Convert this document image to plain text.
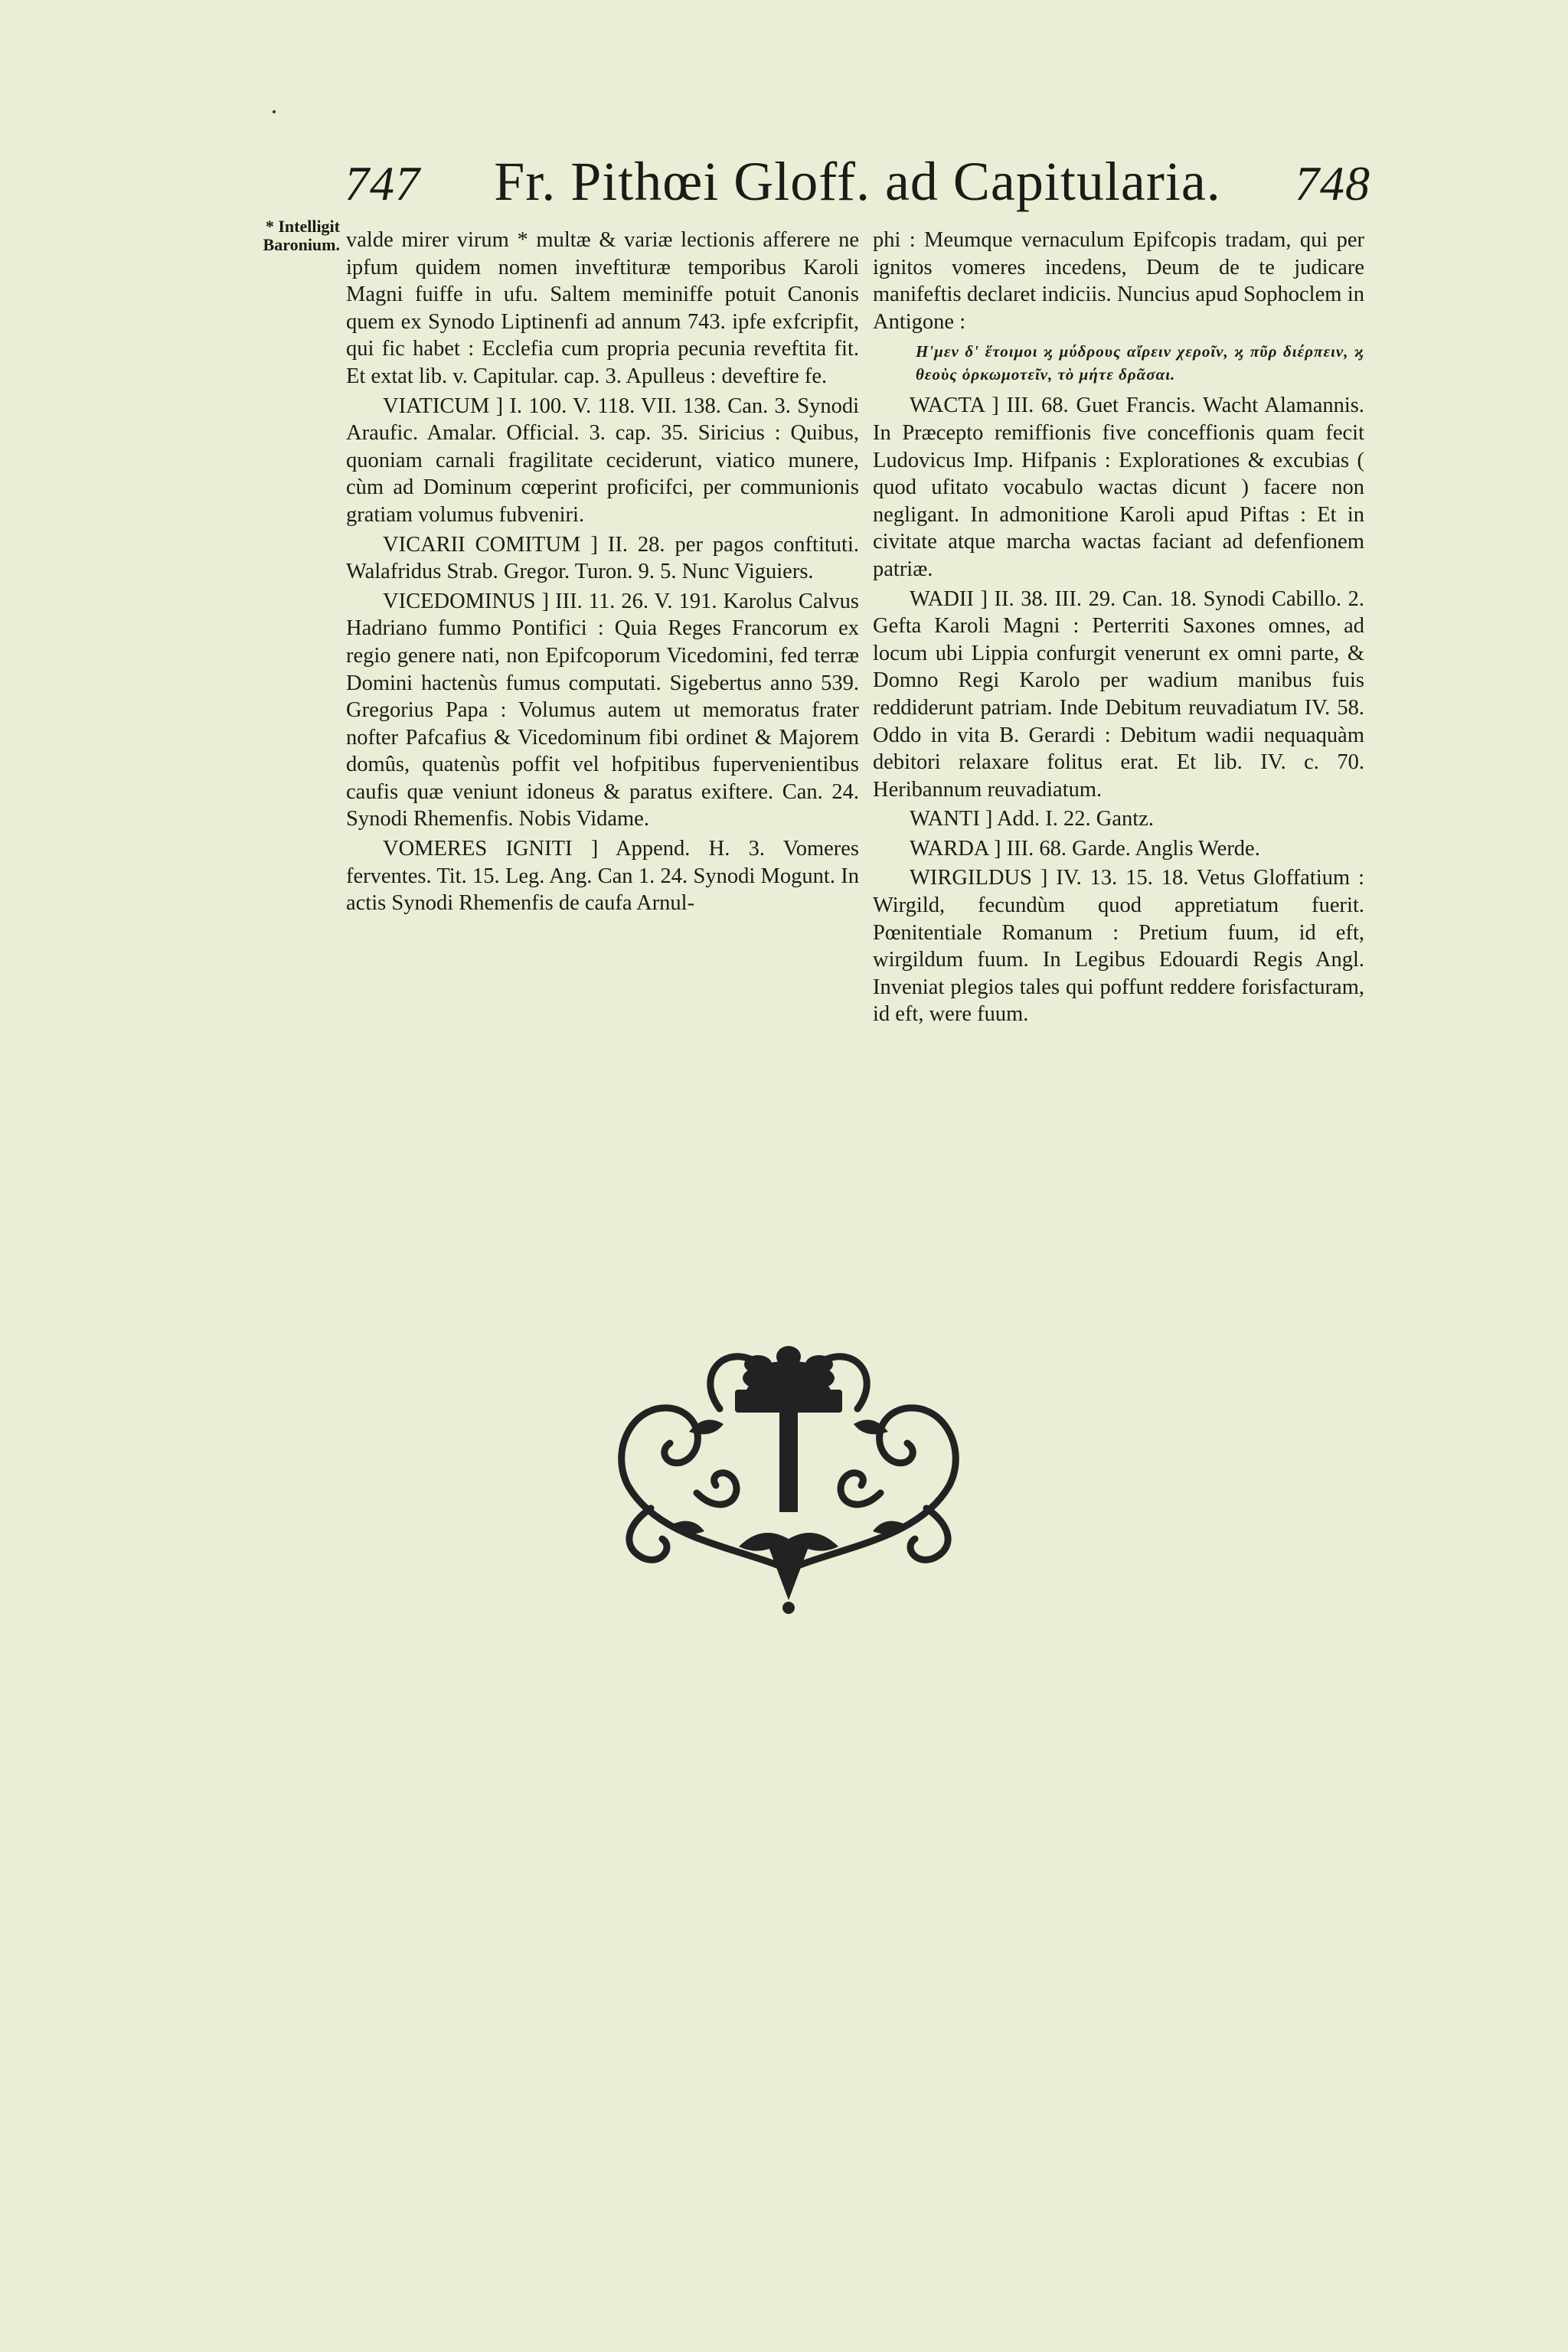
747 Fr. Pithœi Gloff. ad Capitularia. 748
* Intelligit Baronium. valde mirer virum * multæ & variæ lectionis afferere ne ipfum quidem nomen inveftituræ temporibus Karoli Magni fuiffe in ufu. Saltem meminiffe potuit Canonis quem ex Synodo Liptinenfi ad annum 743. ipfe exfcripfit, qui fic habet : Ecclefia cum propria pecunia reveftita fit. Et extat lib. v. Capitular. cap. 3. Apulleus : deveftire fe.

VIATICUM ] I. 100. V. 118. VII. 138. Can. 3. Synodi Araufic. Amalar. Official. 3. cap. 35. Siricius : Quibus, quoniam carnali fragilitate ceciderunt, viatico munere, cùm ad Dominum cœperint proficifci, per communionis gratiam volumus fubveniri.

VICARII COMITUM ] II. 28. per pagos conftituti. Walafridus Strab. Gregor. Turon. 9. 5. Nunc Viguiers.

VICEDOMINUS ] III. 11. 26. V. 191. Karolus Calvus Hadriano fummo Pontifici : Quia Reges Francorum ex regio genere nati, non Epifcoporum Vicedomini, fed terræ Domini hactenùs fumus computati. Sigebertus anno 539. Gregorius Papa : Volumus autem ut memoratus frater nofter Pafcafius & Vicedominum fibi ordinet & Majorem domûs, quatenùs poffit vel hofpitibus fupervenientibus caufis quæ veniunt idoneus & paratus exiftere. Can. 24. Synodi Rhemenfis. Nobis Vidame.

VOMERES IGNITI ] Append. H. 3. Vomeres ferventes. Tit. 15. Leg. Ang. Can 1. 24. Synodi Mogunt. In actis Synodi Rhemenfis de caufa Arnul-

phi : Meumque vernaculum Epifcopis tradam, qui per ignitos vomeres incedens, Deum de te judicare manifeftis declaret indiciis. Nuncius apud Sophoclem in Antigone :

H'μεν δ' ἕτοιμοι ϗ μύδρους αἴρειν χεροῖν, ϗ πῦρ διέρπειν, ϗ θεοὺς ὁρκωμοτεῖν, τὸ μήτε δρᾶσαι.

WACTA ] III. 68. Guet Francis. Wacht Alamannis. In Præcepto remiffionis five conceffionis quam fecit Ludovicus Imp. Hifpanis : Explorationes & excubias ( quod ufitato vocabulo wactas dicunt ) facere non negligant. In admonitione Karoli apud Piftas : Et in civitate atque marcha wactas faciant ad defenfionem patriæ.

WADII ] II. 38. III. 29. Can. 18. Synodi Cabillo. 2. Gefta Karoli Magni : Perterriti Saxones omnes, ad locum ubi Lippia confurgit venerunt ex omni parte, & Domno Regi Karolo per wadium manibus fuis reddiderunt patriam. Inde Debitum reuvadiatum IV. 58. Oddo in vita B. Gerardi : Debitum wadii nequaquàm debitori relaxare folitus erat. Et lib. IV. c. 70. Heribannum reuvadiatum.

WANTI ] Add. I. 22. Gantz.

WARDA ] III. 68. Garde. Anglis Werde.

WIRGILDUS ] IV. 13. 15. 18. Vetus Gloffatium : Wirgild, fecundùm quod appretiatum fuerit. Pœnitentiale Romanum : Pretium fuum, id eft, wirgildum fuum. In Legibus Edouardi Regis Angl. Inveniat plegios tales qui poffunt reddere forisfacturam, id eft, were fuum.
